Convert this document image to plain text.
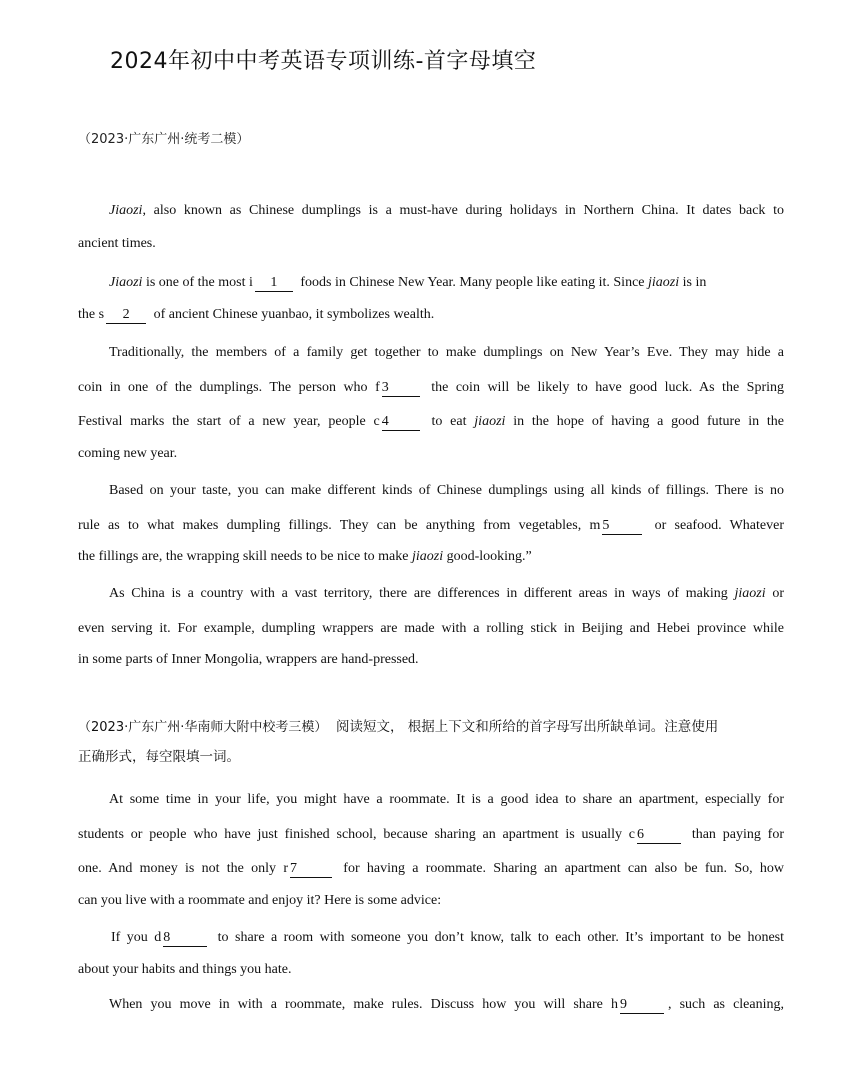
2024年初中中考英语专项训练-首字母填空
（2023·广东广州·统考二模）
Jiaozi, also known as Chinese dumplings is a must-have during holidays in Northern China. It dates back to
ancient times.
Jiaozi is one of the most i 1 foods in Chinese New Year. Many people like eating it. Since jiaozi is in
the s 2 of ancient Chinese yuanbao, it symbolizes wealth.
Traditionally, the members of a family get together to make dumplings on New Year’s Eve. They may hide a
coin in one of the dumplings. The person who f 3	the coin will be likely to have good luck. As the Spring
Festival marks the start of a new year, people c 4	to eat jiaozi in the hope of having a good future in the
coming new year.
Based on your taste, you can make different kinds of Chinese dumplings using all kinds of fillings. There is no
rule as to what makes dumpling fillings. They can be anything from vegetables, m 5	or seafood. Whatever
the fillings are, the wrapping skill needs to be nice to make jiaozi good-looking.”
As China is a country with a vast territory, there are differences in different areas in ways of making jiaozi or
even serving it. For example, dumpling wrappers are made with a rolling stick in Beijing and Hebei province while
in some parts of Inner Mongolia, wrappers are hand-pressed.
（2023·广东广州·华南师大附中校考三模） 阅读短文， 根据上下文和所给的首字母写出所缺单词。注意使用
正确形式，每空限填一词。
At some time in your life, you might have a roommate. It is a good idea to share an apartment, especially for
students or people who have just finished school, because sharing an apartment is usually c 6	than paying for
one. And money is not the only r 7	for having a roommate. Sharing an apartment can also be fun. So, how
can you live with a roommate and enjoy it? Here is some advice:
If you d 8	to share a room with someone you don’t know, talk to each other. It’s important to be honest
about your habits and things you hate.
When you move in with a roommate, make rules. Discuss how you will share h 9	, such as cleaning,
